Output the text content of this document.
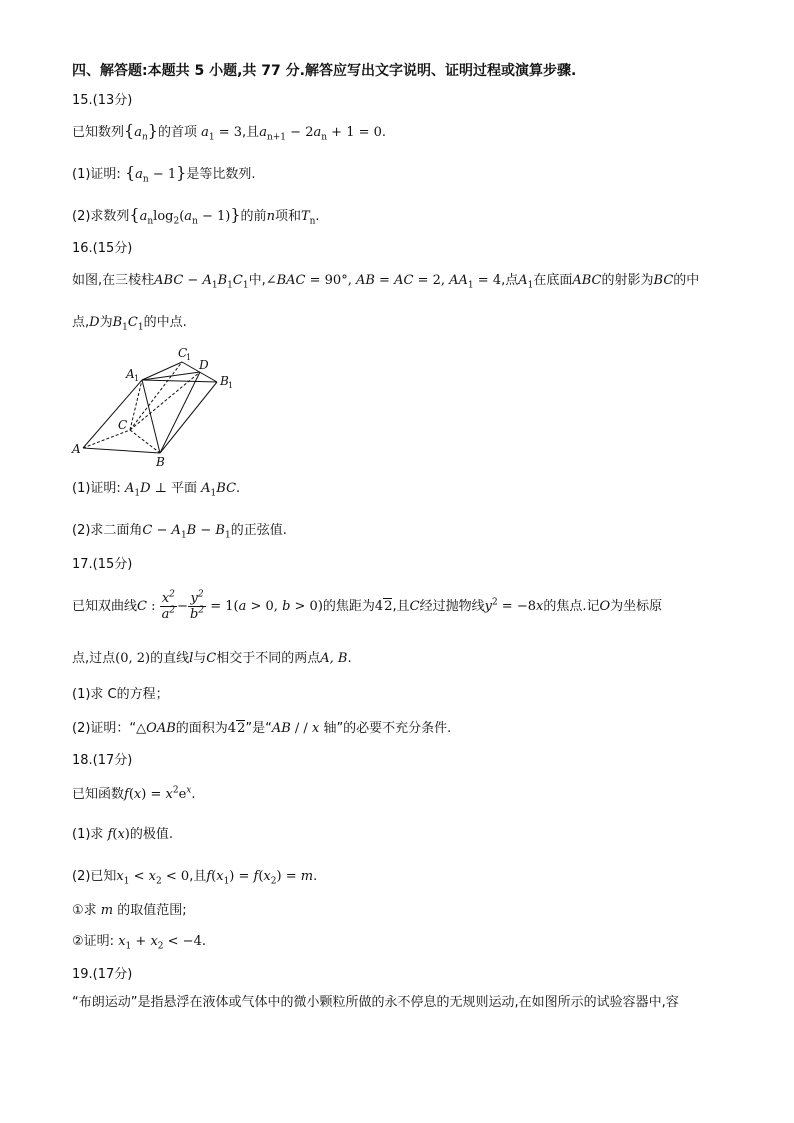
四、解答题:本题共 5 小题,共 77 分.解答应写出文字说明、证明过程或演算步骤.
15.(13分)
已知数列$\{a_n\}$的首项 $a_1 = 3$,且$a_{n+1} - 2a_n + 1 = 0$.
(1)证明: $\{a_n - 1\}$是等比数列.
(2)求数列$\{a_n\log_2(a_n - 1)\}$的前n项和$T_n$.
16.(15分)
如图,在三棱柱ABC − $A_1B_1C_1$中,∠BAC = 90°, AB = AC = 2, $AA_1 = 4$,点$A_1$在底面ABC的射影为BC的中
点,D为$B_1C_1$的中点.
A
B
C
A 1	B 1
C
1
D
(1)证明: $A_1D$ ⊥ 平面 $A_1BC$.
(2)求二面角$C - A_1B - B_1$的正弦值.
17.(15分)
已知双曲线C : $\frac{x^2}{a^2} - \frac{y^2}{b^2} = 1(a > 0$, b > 0)的焦距为42,且C经过抛物线$y^2 = -8x$的焦点.记O为坐标原
点,过点(0, 2)的直线l与C相交于不同的两点A, B.
(1)求 C的方程；
(2)证明：“△OAB的面积为42”是“AB / / x 轴”的必要不充分条件.
18.(17分)
已知函数$f(x) = x^2e^x$.
(1)求 f(x)的极值.
(2)已知$x_1 < x_2 < 0$,且$f(x_1) = f(x_2) = m$.
①求 m 的取值范围;
②证明: $x_1 + x_2 < -4$.
19.(17分)
“布朗运动”是指悬浮在液体或气体中的微小颗粒所做的永不停息的无规则运动,在如图所示的试验容器中,容
